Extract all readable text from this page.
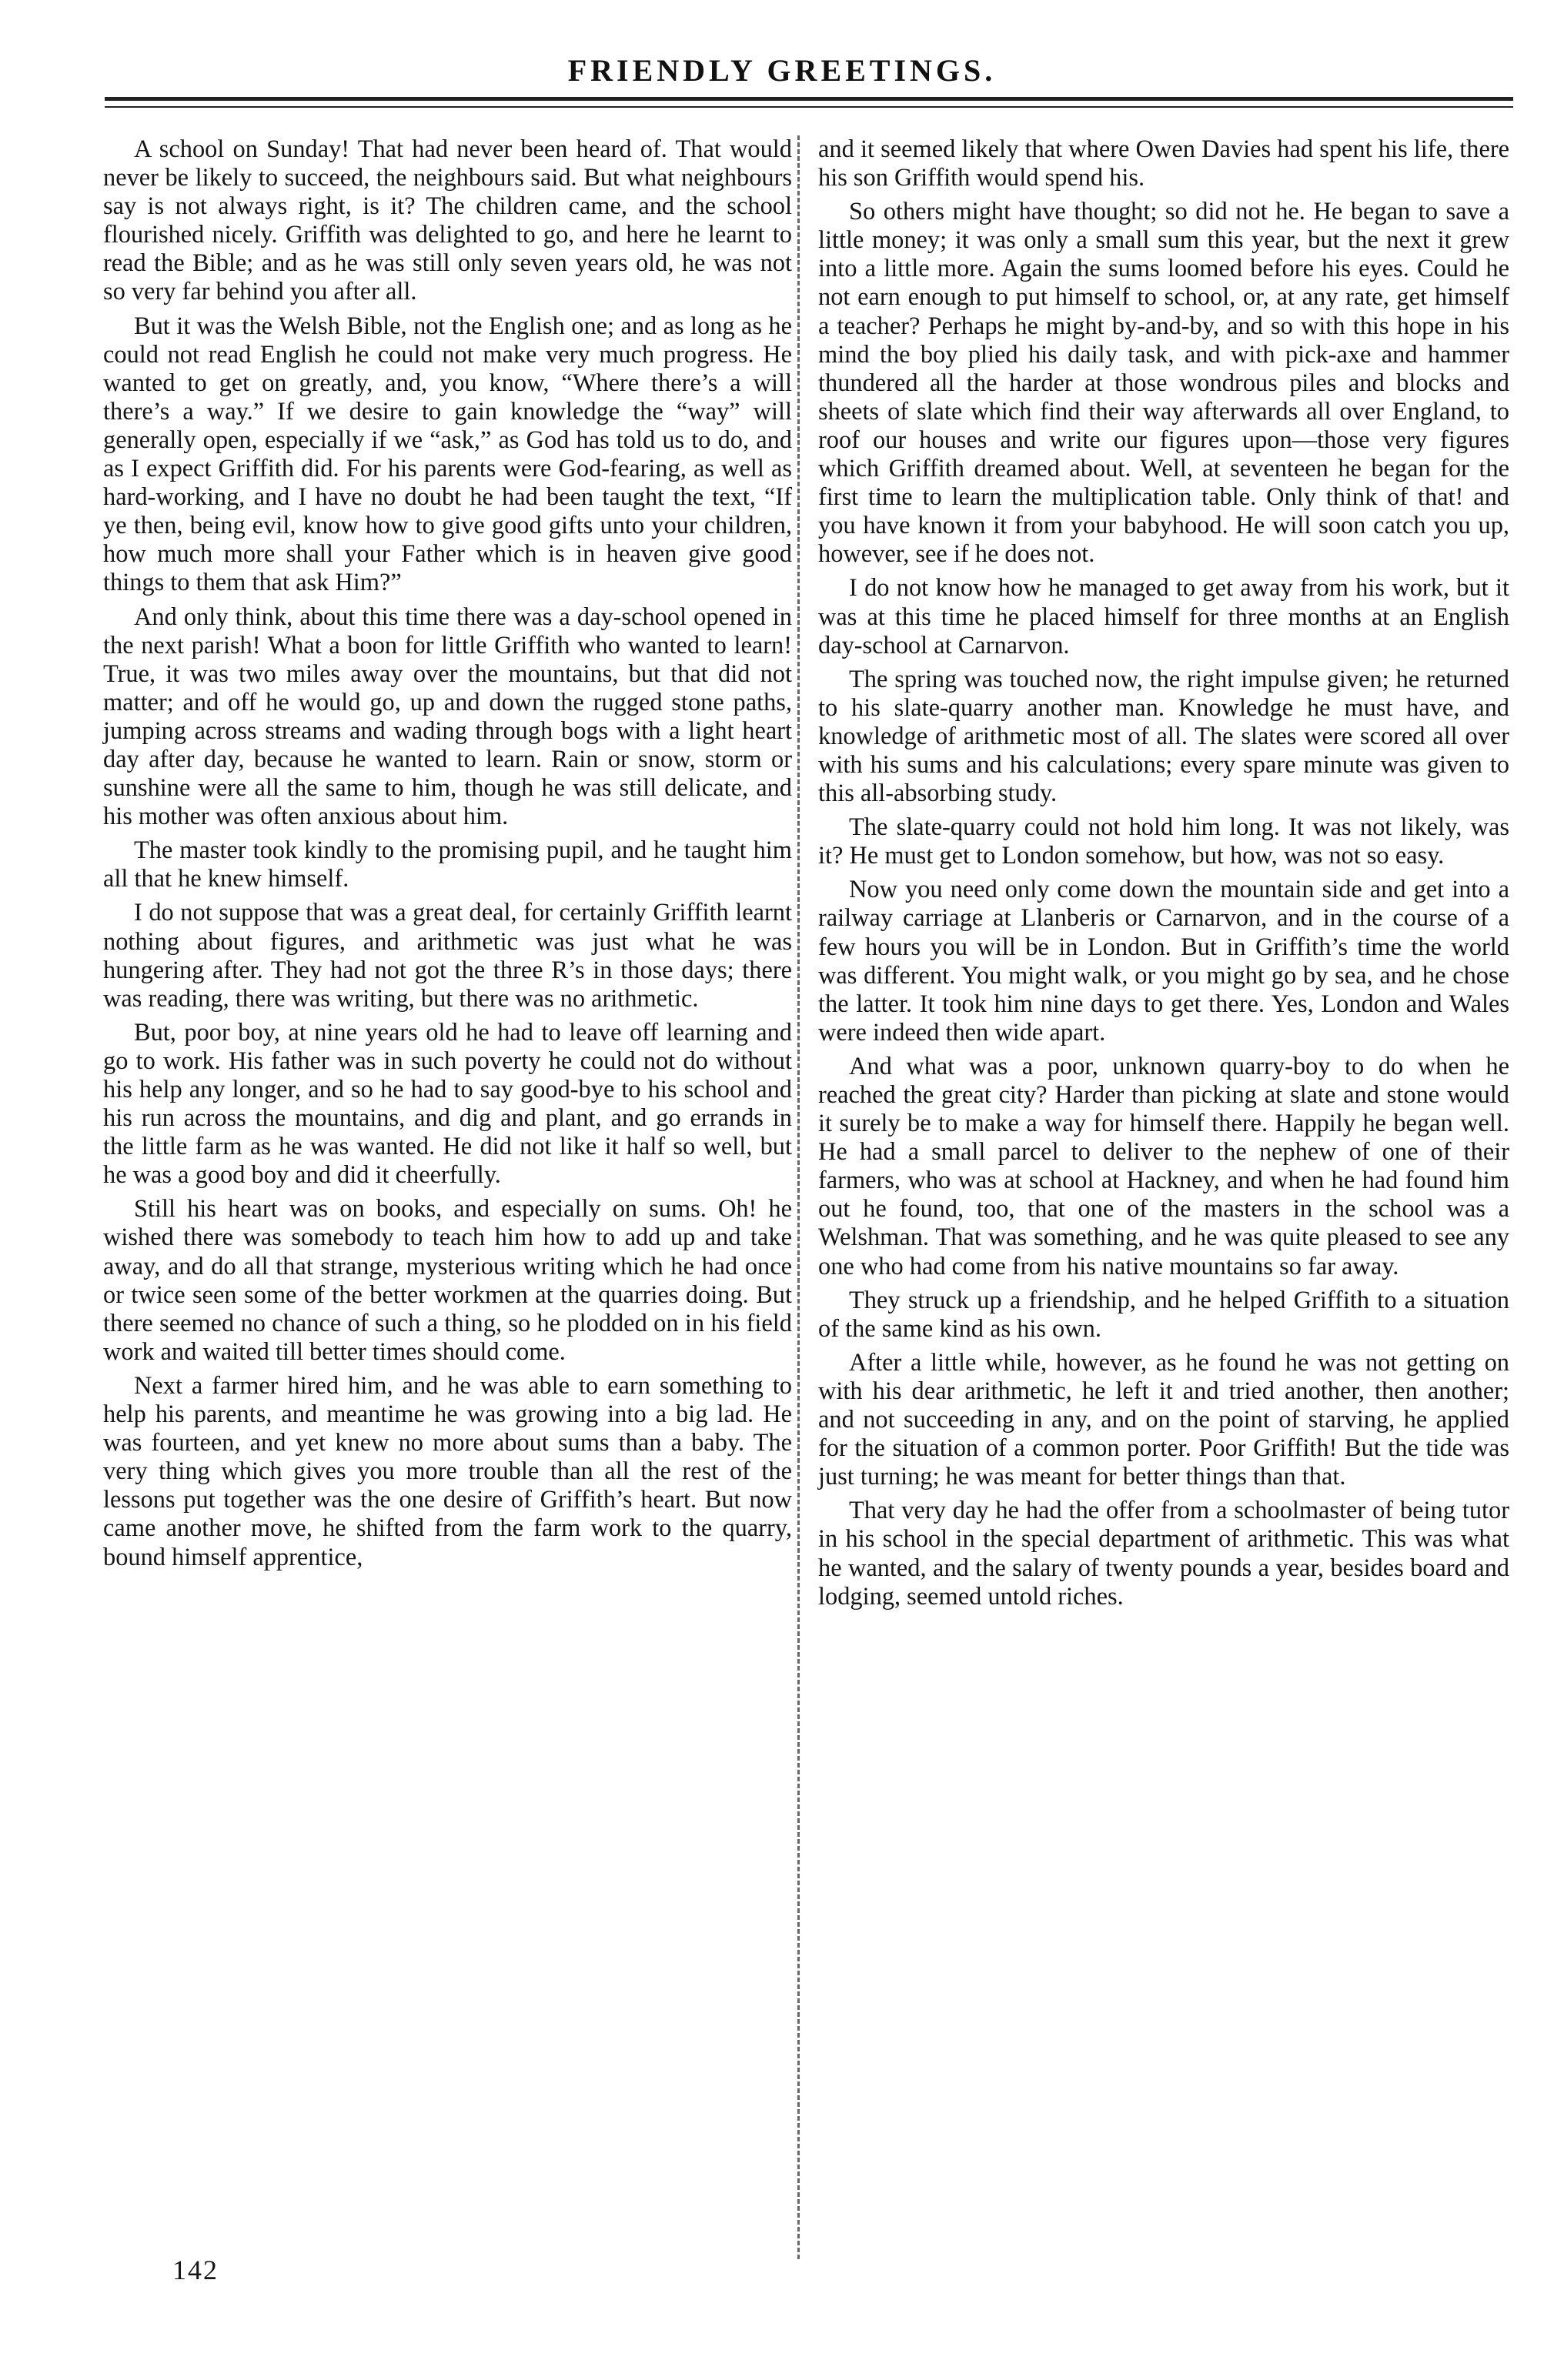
FRIENDLY GREETINGS.

A school on Sunday! That had never been heard of. That would never be likely to succeed, the neighbours said. But what neighbours say is not always right, is it? The children came, and the school flourished nicely. Griffith was delighted to go, and here he learnt to read the Bible; and as he was still only seven years old, he was not so very far behind you after all.

But it was the Welsh Bible, not the English one; and as long as he could not read English he could not make very much progress. He wanted to get on greatly, and, you know, “Where there’s a will there’s a way.” If we desire to gain knowledge the “way” will generally open, especially if we “ask,” as God has told us to do, and as I expect Griffith did. For his parents were God-fearing, as well as hard-working, and I have no doubt he had been taught the text, “If ye then, being evil, know how to give good gifts unto your children, how much more shall your Father which is in heaven give good things to them that ask Him?”

And only think, about this time there was a day-school opened in the next parish! What a boon for little Griffith who wanted to learn! True, it was two miles away over the mountains, but that did not matter; and off he would go, up and down the rugged stone paths, jumping across streams and wading through bogs with a light heart day after day, because he wanted to learn. Rain or snow, storm or sunshine were all the same to him, though he was still delicate, and his mother was often anxious about him.

The master took kindly to the promising pupil, and he taught him all that he knew himself.

I do not suppose that was a great deal, for certainly Griffith learnt nothing about figures, and arithmetic was just what he was hungering after. They had not got the three R’s in those days; there was reading, there was writing, but there was no arithmetic.

But, poor boy, at nine years old he had to leave off learning and go to work. His father was in such poverty he could not do without his help any longer, and so he had to say good-bye to his school and his run across the mountains, and dig and plant, and go errands in the little farm as he was wanted. He did not like it half so well, but he was a good boy and did it cheerfully.

Still his heart was on books, and especially on sums. Oh! he wished there was somebody to teach him how to add up and take away, and do all that strange, mysterious writing which he had once or twice seen some of the better workmen at the quarries doing. But there seemed no chance of such a thing, so he plodded on in his field work and waited till better times should come.

Next a farmer hired him, and he was able to earn something to help his parents, and meantime he was growing into a big lad. He was fourteen, and yet knew no more about sums than a baby. The very thing which gives you more trouble than all the rest of the lessons put together was the one desire of Griffith’s heart. But now came another move, he shifted from the farm work to the quarry, bound himself apprentice,

and it seemed likely that where Owen Davies had spent his life, there his son Griffith would spend his.

So others might have thought; so did not he. He began to save a little money; it was only a small sum this year, but the next it grew into a little more. Again the sums loomed before his eyes. Could he not earn enough to put himself to school, or, at any rate, get himself a teacher? Perhaps he might by-and-by, and so with this hope in his mind the boy plied his daily task, and with pick-axe and hammer thundered all the harder at those wondrous piles and blocks and sheets of slate which find their way afterwards all over England, to roof our houses and write our figures upon—those very figures which Griffith dreamed about. Well, at seventeen he began for the first time to learn the multiplication table. Only think of that! and you have known it from your babyhood. He will soon catch you up, however, see if he does not.

I do not know how he managed to get away from his work, but it was at this time he placed himself for three months at an English day-school at Carnarvon.

The spring was touched now, the right impulse given; he returned to his slate-quarry another man. Knowledge he must have, and knowledge of arithmetic most of all. The slates were scored all over with his sums and his calculations; every spare minute was given to this all-absorbing study.

The slate-quarry could not hold him long. It was not likely, was it? He must get to London somehow, but how, was not so easy.

Now you need only come down the mountain side and get into a railway carriage at Llanberis or Carnarvon, and in the course of a few hours you will be in London. But in Griffith’s time the world was different. You might walk, or you might go by sea, and he chose the latter. It took him nine days to get there. Yes, London and Wales were indeed then wide apart.

And what was a poor, unknown quarry-boy to do when he reached the great city? Harder than picking at slate and stone would it surely be to make a way for himself there. Happily he began well. He had a small parcel to deliver to the nephew of one of their farmers, who was at school at Hackney, and when he had found him out he found, too, that one of the masters in the school was a Welshman. That was something, and he was quite pleased to see any one who had come from his native mountains so far away.

They struck up a friendship, and he helped Griffith to a situation of the same kind as his own.

After a little while, however, as he found he was not getting on with his dear arithmetic, he left it and tried another, then another; and not succeeding in any, and on the point of starving, he applied for the situation of a common porter. Poor Griffith! But the tide was just turning; he was meant for better things than that.

That very day he had the offer from a schoolmaster of being tutor in his school in the special department of arithmetic. This was what he wanted, and the salary of twenty pounds a year, besides board and lodging, seemed untold riches.

142
